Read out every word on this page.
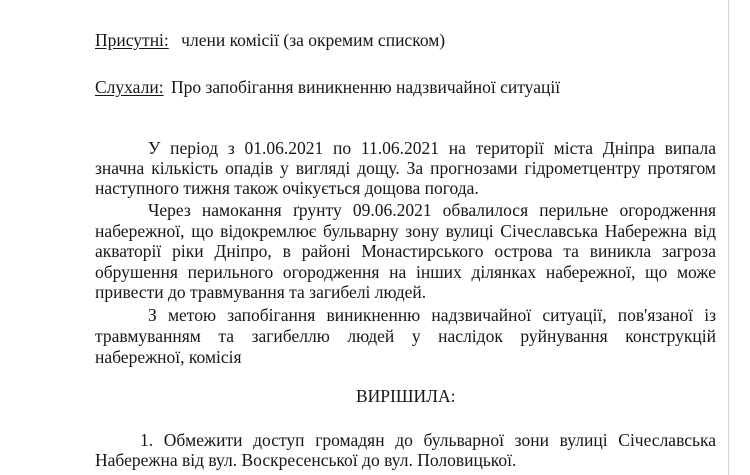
Присутні: члени комісії (за окремим списком)
Слухали: Про запобігання виникненню надзвичайної ситуації
У період з 01.06.2021 по 11.06.2021 на території міста Дніпра випала
значна кількість опадів у вигляді дощу. За прогнозами гідрометцентру протягом
наступного тижня також очікується дощова погода.
Через намокання ґрунту 09.06.2021 обвалилося перильне огородження
набережної, що відокремлює бульварну зону вулиці Січеславська Набережна від
акваторії ріки Дніпро, в районі Монастирського острова та виникла загроза
обрушення перильного огородження на інших ділянках набережної, що може
привести до травмування та загибелі людей.
З метою запобігання виникненню надзвичайної ситуації, пов'язаної із
травмуванням та загибеллю людей у наслідок руйнування конструкцій
набережної, комісія
ВИРІШИЛА:
1. Обмежити доступ громадян до бульварної зони вулиці Січеславська
Набережна від вул. Воскресенської до вул. Половицької.
